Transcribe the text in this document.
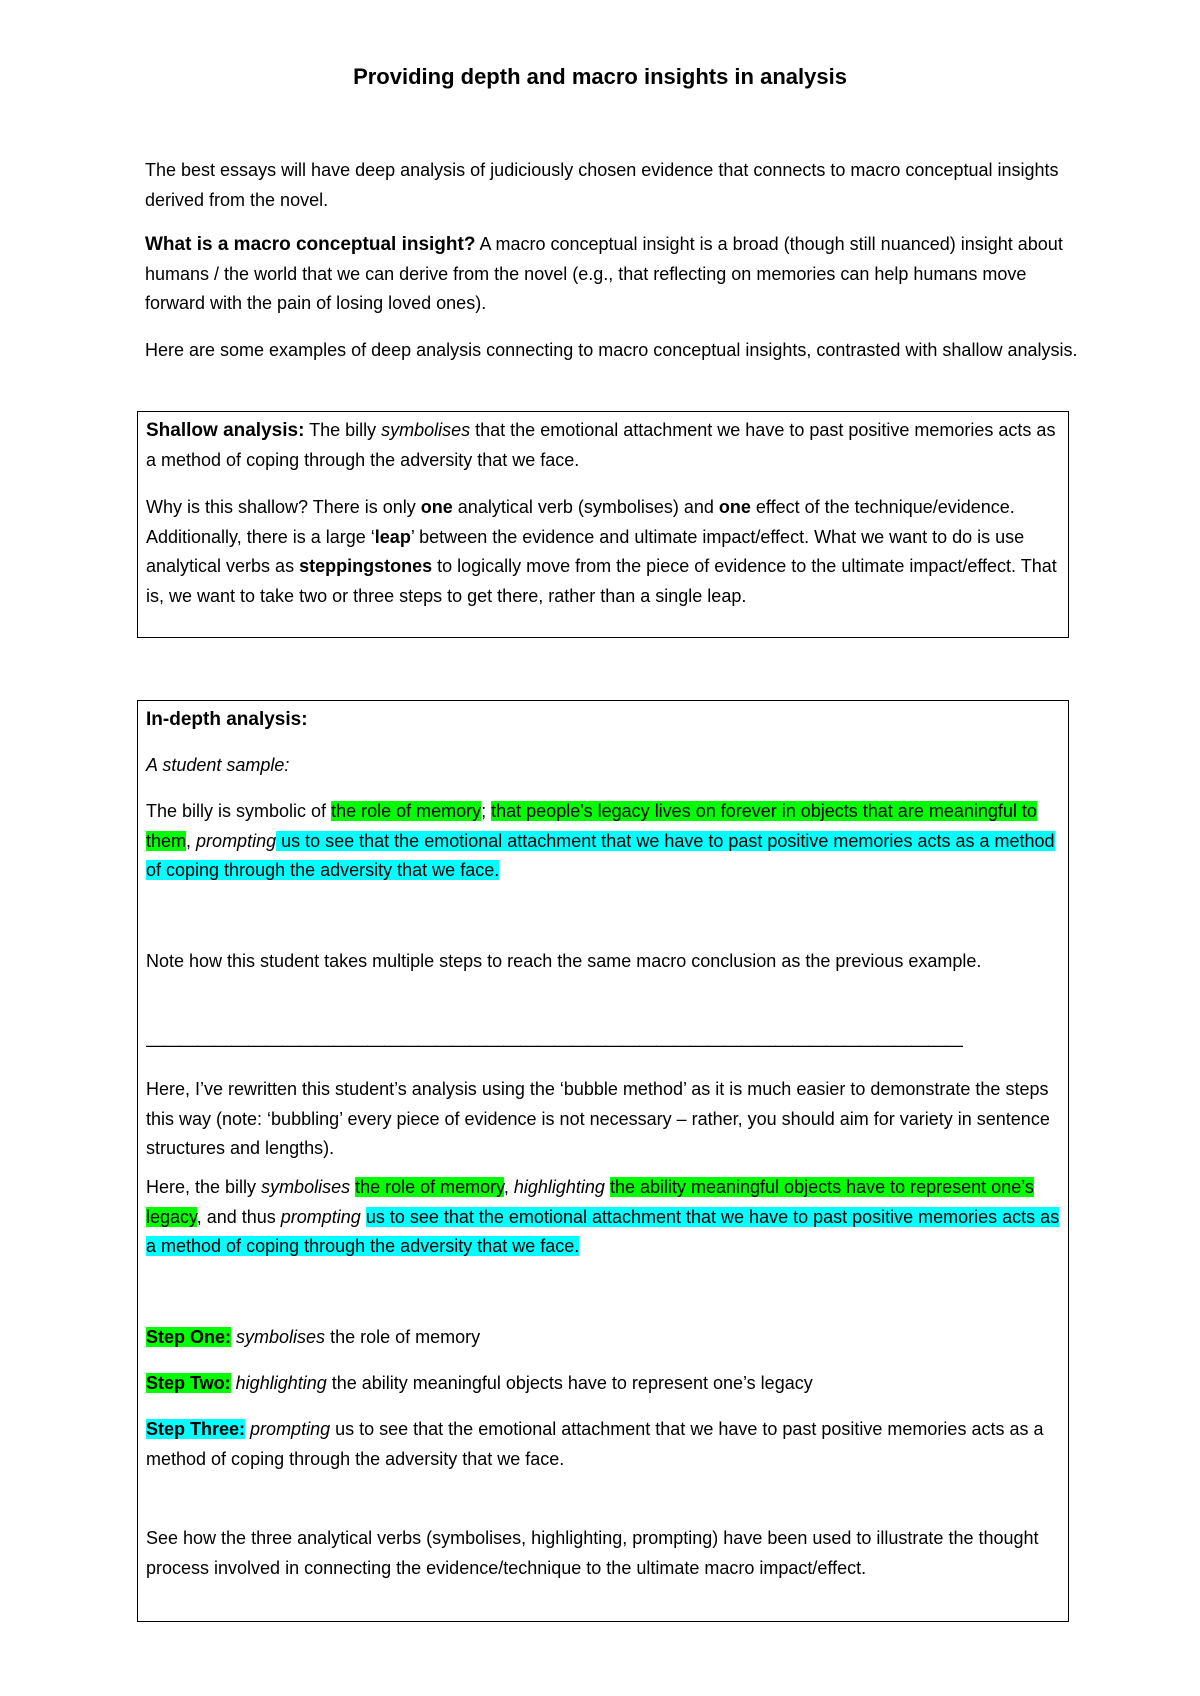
Providing depth and macro insights in analysis

The best essays will have deep analysis of judiciously chosen evidence that connects to macro conceptual insights derived from the novel.

What is a macro conceptual insight? A macro conceptual insight is a broad (though still nuanced) insight about humans / the world that we can derive from the novel (e.g., that reflecting on memories can help humans move forward with the pain of losing loved ones).

Here are some examples of deep analysis connecting to macro conceptual insights, contrasted with shallow analysis.

Shallow analysis: The billy symbolises that the emotional attachment we have to past positive memories acts as a method of coping through the adversity that we face.

Why is this shallow? There is only one analytical verb (symbolises) and one effect of the technique/evidence. Additionally, there is a large ‘leap’ between the evidence and ultimate impact/effect. What we want to do is use analytical verbs as steppingstones to logically move from the piece of evidence to the ultimate impact/effect. That is, we want to take two or three steps to get there, rather than a single leap.

In-depth analysis:

A student sample:

The billy is symbolic of the role of memory; that people's legacy lives on forever in objects that are meaningful to them, prompting us to see that the emotional attachment that we have to past positive memories acts as a method of coping through the adversity that we face.

Note how this student takes multiple steps to reach the same macro conclusion as the previous example.

————————————————————————————————————————————————

Here, I’ve rewritten this student’s analysis using the ‘bubble method’ as it is much easier to demonstrate the steps this way (note: ‘bubbling’ every piece of evidence is not necessary – rather, you should aim for variety in sentence structures and lengths).

Here, the billy symbolises the role of memory, highlighting the ability meaningful objects have to represent one’s legacy, and thus prompting us to see that the emotional attachment that we have to past positive memories acts as a method of coping through the adversity that we face.

Step One: symbolises the role of memory

Step Two: highlighting the ability meaningful objects have to represent one’s legacy

Step Three: prompting us to see that the emotional attachment that we have to past positive memories acts as a method of coping through the adversity that we face.

See how the three analytical verbs (symbolises, highlighting, prompting) have been used to illustrate the thought process involved in connecting the evidence/technique to the ultimate macro impact/effect.
